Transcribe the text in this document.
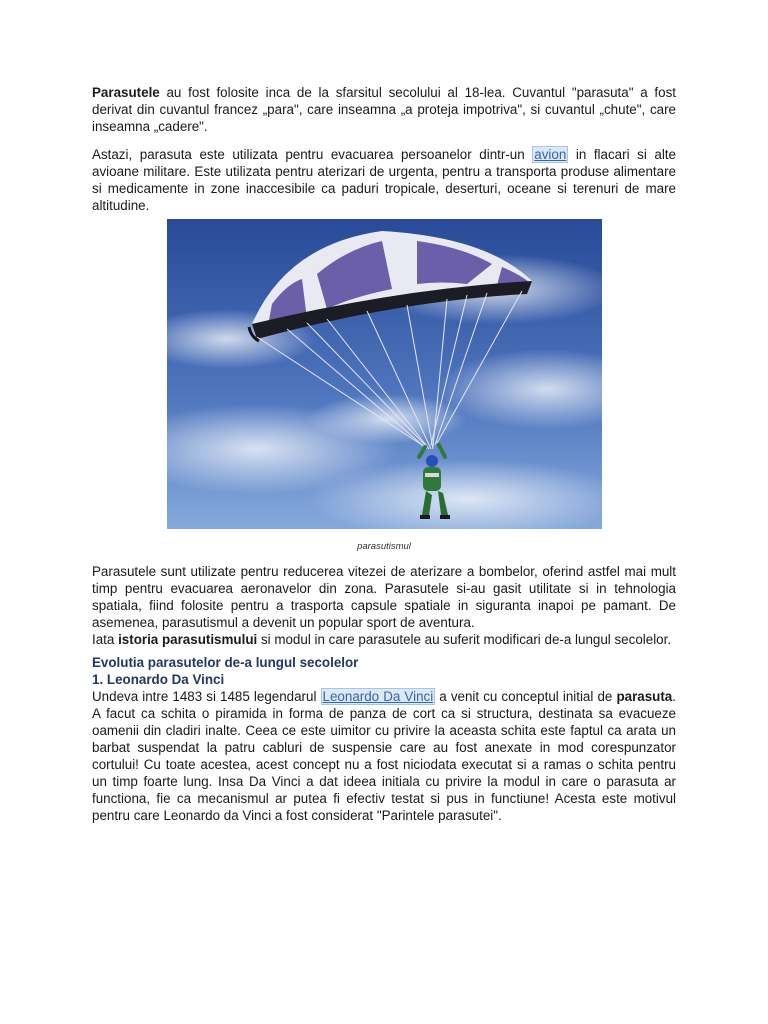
Parasutele au fost folosite inca de la sfarsitul secolului al 18-lea. Cuvantul "parasuta" a fost derivat din cuvantul francez „para", care inseamna „a proteja impotriva", si cuvantul „chute", care inseamna „cadere".

Astazi, parasuta este utilizata pentru evacuarea persoanelor dintr-un avion in flacari si alte avioane militare. Este utilizata pentru aterizari de urgenta, pentru a transporta produse alimentare si medicamente in zone inaccesibile ca paduri tropicale, deserturi, oceane si terenuri de mare altitudine.

parasutismul

Parasutele sunt utilizate pentru reducerea vitezei de aterizare a bombelor, oferind astfel mai mult timp pentru evacuarea aeronavelor din zona. Parasutele si-au gasit utilitate si in tehnologia spatiala, fiind folosite pentru a trasporta capsule spatiale in siguranta inapoi pe pamant. De asemenea, parasutismul a devenit un popular sport de aventura.

Iata istoria parasutismului si modul in care parasutele au suferit modificari de-a lungul secolelor.

Evolutia parasutelor de-a lungul secolelor
1. Leonardo Da Vinci

Undeva intre 1483 si 1485 legendarul Leonardo Da Vinci a venit cu conceptul initial de parasuta. A facut ca schita o piramida in forma de panza de cort ca si structura, destinata sa evacueze oamenii din cladiri inalte. Ceea ce este uimitor cu privire la aceasta schita este faptul ca arata un barbat suspendat la patru cabluri de suspensie care au fost anexate in mod corespunzator cortului! Cu toate acestea, acest concept nu a fost niciodata executat si a ramas o schita pentru un timp foarte lung. Insa Da Vinci a dat ideea initiala cu privire la modul in care o parasuta ar functiona, fie ca mecanismul ar putea fi efectiv testat si pus in functiune! Acesta este motivul pentru care Leonardo da Vinci a fost considerat "Parintele parasutei".
